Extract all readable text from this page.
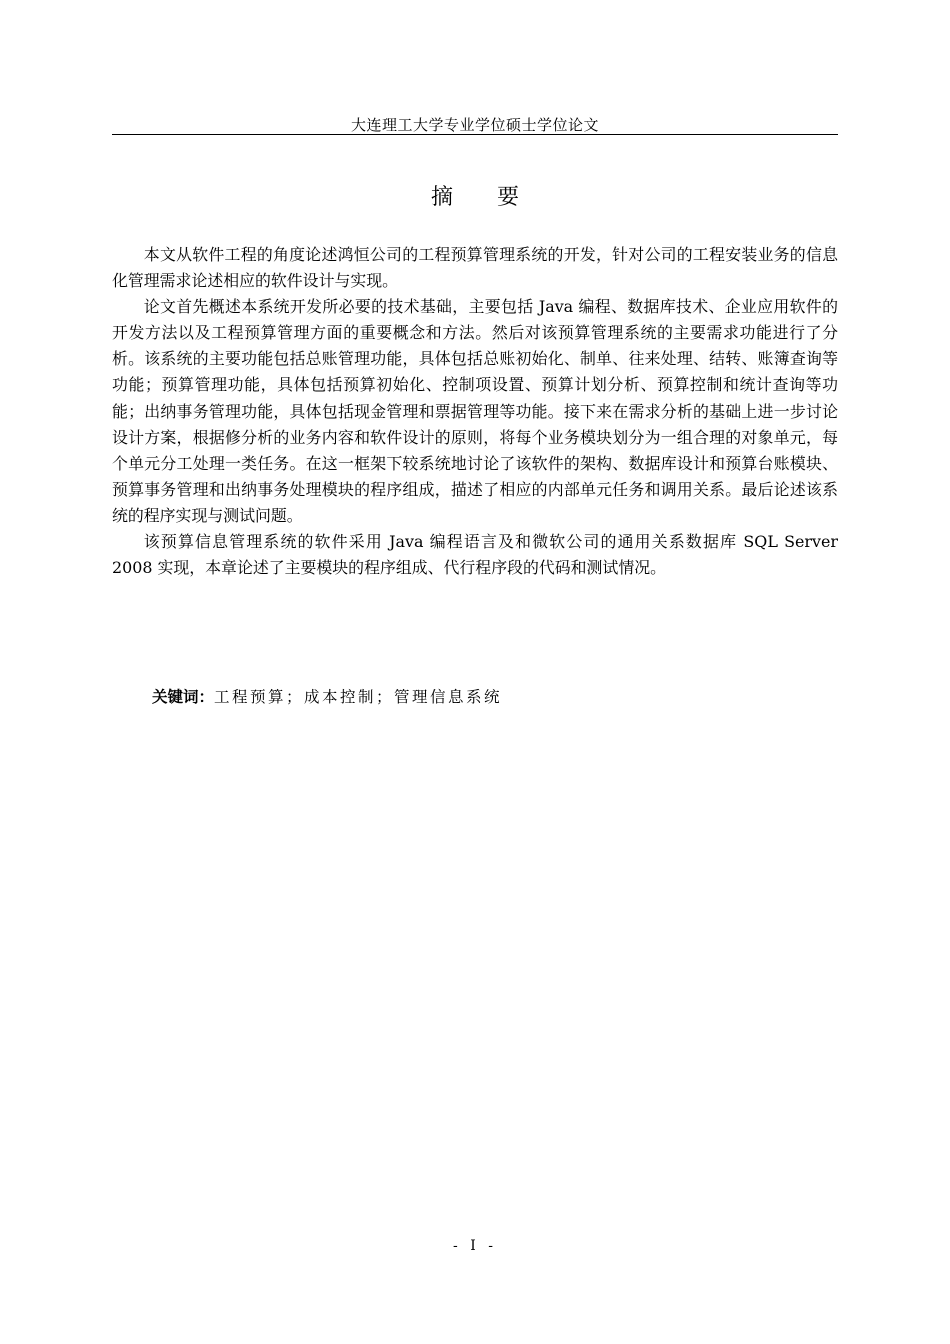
大连理工大学专业学位硕士学位论文
摘要

本文从软件工程的角度论述鸿恒公司的工程预算管理系统的开发，针对公司的工程安装业务的信息化管理需求论述相应的软件设计与实现。

论文首先概述本系统开发所必要的技术基础，主要包括 Java 编程、数据库技术、企业应用软件的开发方法以及工程预算管理方面的重要概念和方法。然后对该预算管理系统的主要需求功能进行了分析。该系统的主要功能包括总账管理功能，具体包括总账初始化、制单、往来处理、结转、账簿查询等功能；预算管理功能，具体包括预算初始化、控制项设置、预算计划分析、预算控制和统计查询等功能；出纳事务管理功能，具体包括现金管理和票据管理等功能。接下来在需求分析的基础上进一步讨论设计方案，根据修分析的业务内容和软件设计的原则，将每个业务模块划分为一组合理的对象单元，每个单元分工处理一类任务。在这一框架下较系统地讨论了该软件的架构、数据库设计和预算台账模块、预算事务管理和出纳事务处理模块的程序组成，描述了相应的内部单元任务和调用关系。最后论述该系统的程序实现与测试问题。

该预算信息管理系统的软件采用 Java 编程语言及和微软公司的通用关系数据库 SQL Server 2008 实现，本章论述了主要模块的程序组成、代行程序段的代码和测试情况。

关键词：工程预算；成本控制；管理信息系统
- I -
